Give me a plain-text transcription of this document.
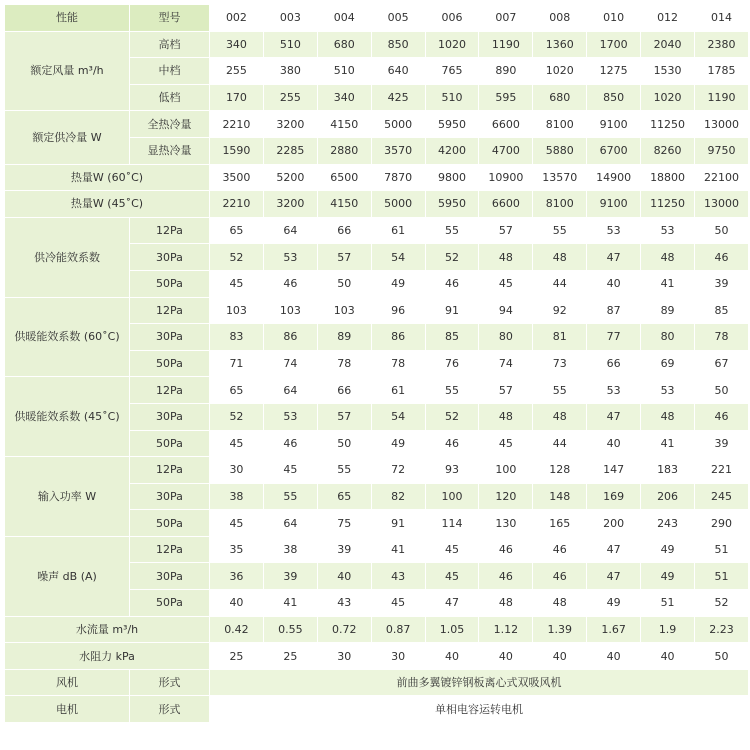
性能	型号	002	003	004	005	006	007	008	010	012	014
额定风量 m³/h	高档	340	510	680	850	1020	1190	1360	1700	2040	2380
	中档	255	380	510	640	765	890	1020	1275	1530	1785
	低档	170	255	340	425	510	595	680	850	1020	1190
额定供冷量 W	全热冷量	2210	3200	4150	5000	5950	6600	8100	9100	11250	13000
	显热冷量	1590	2285	2880	3570	4200	4700	5880	6700	8260	9750
热量W (60˚C)		3500	5200	6500	7870	9800	10900	13570	14900	18800	22100
热量W (45˚C)		2210	3200	4150	5000	5950	6600	8100	9100	11250	13000
供冷能效系数	12Pa	65	64	66	61	55	57	55	53	53	50
	30Pa	52	53	57	54	52	48	48	47	48	46
	50Pa	45	46	50	49	46	45	44	40	41	39
供暖能效系数 (60˚C)	12Pa	103	103	103	96	91	94	92	87	89	85
	30Pa	83	86	89	86	85	80	81	77	80	78
	50Pa	71	74	78	78	76	74	73	66	69	67
供暖能效系数 (45˚C)	12Pa	65	64	66	61	55	57	55	53	53	50
	30Pa	52	53	57	54	52	48	48	47	48	46
	50Pa	45	46	50	49	46	45	44	40	41	39
输入功率 W	12Pa	30	45	55	72	93	100	128	147	183	221
	30Pa	38	55	65	82	100	120	148	169	206	245
	50Pa	45	64	75	91	114	130	165	200	243	290
噪声 dB (A)	12Pa	35	38	39	41	45	46	46	47	49	51
	30Pa	36	39	40	43	45	46	46	47	49	51
	50Pa	40	41	43	45	47	48	48	49	51	52
水流量 m³/h		0.42	0.55	0.72	0.87	1.05	1.12	1.39	1.67	1.9	2.23
水阻力 kPa		25	25	30	30	40	40	40	40	40	50
风机	形式	前曲多翼镀锌钢板离心式双吸风机									
电机	形式	单相电容运转电机									
